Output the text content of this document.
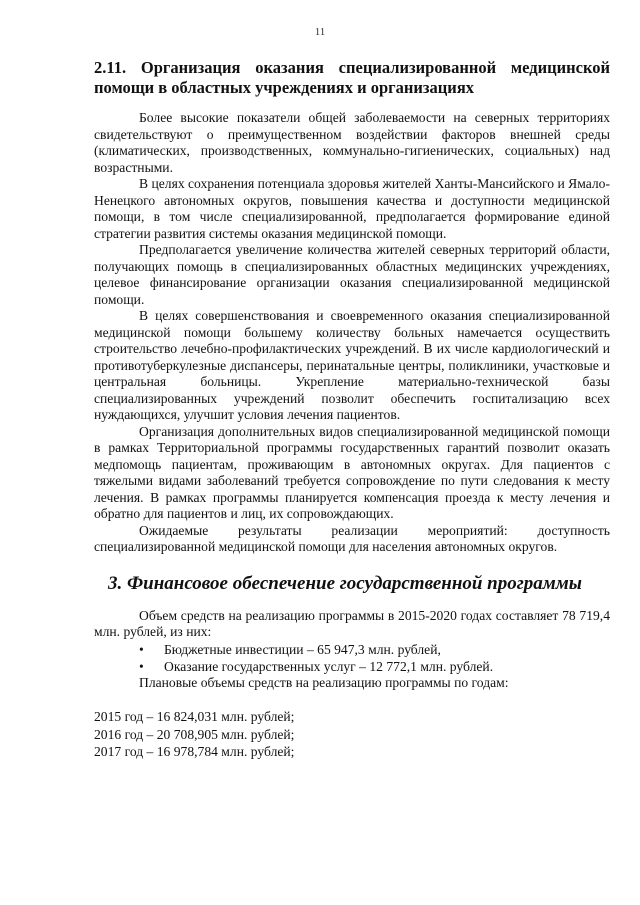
11
2.11. Организация оказания специализированной медицинской помощи в областных учреждениях и организациях

Более высокие показатели общей заболеваемости на северных территориях свидетельствуют о преимущественном воздействии факторов внешней среды (климатических, производственных, коммунально-гигиенических, социальных) над возрастными.

В целях сохранения потенциала здоровья жителей Ханты-Мансийского и Ямало-Ненецкого автономных округов, повышения качества и доступности медицинской помощи, в том числе специализированной, предполагается формирование единой стратегии развития системы оказания медицинской помощи.

Предполагается увеличение количества жителей северных территорий области, получающих помощь в специализированных областных медицинских учреждениях, целевое финансирование организации оказания специализированной медицинской помощи.

В целях совершенствования и своевременного оказания специализированной медицинской помощи большему количеству больных намечается осуществить строительство лечебно-профилактических учреждений. В их числе кардиологический и противотуберкулезные диспансеры, перинатальные центры, поликлиники, участковые и центральная больницы. Укрепление материально-технической базы специализированных учреждений позволит обеспечить госпитализацию всех нуждающихся, улучшит условия лечения пациентов.

Организация дополнительных видов специализированной медицинской помощи в рамках Территориальной программы государственных гарантий позволит оказать медпомощь пациентам, проживающим в автономных округах. Для пациентов с тяжелыми видами заболеваний требуется сопровождение по пути следования к месту лечения. В рамках программы планируется компенсация проезда к месту лечения и обратно для пациентов и лиц, их сопровождающих.

Ожидаемые результаты реализации мероприятий: доступность специализированной медицинской помощи для населения автономных округов.

3. Финансовое обеспечение государственной программы

Объем средств на реализацию программы в 2015-2020 годах составляет 78 719,4 млн. рублей, из них:

• Бюджетные инвестиции – 65 947,3 млн. рублей,
• Оказание государственных услуг – 12 772,1 млн. рублей.

Плановые объемы средств на реализацию программы по годам:

2015 год – 16 824,031 млн. рублей;
2016 год – 20 708,905 млн. рублей;
2017 год – 16 978,784 млн. рублей;
